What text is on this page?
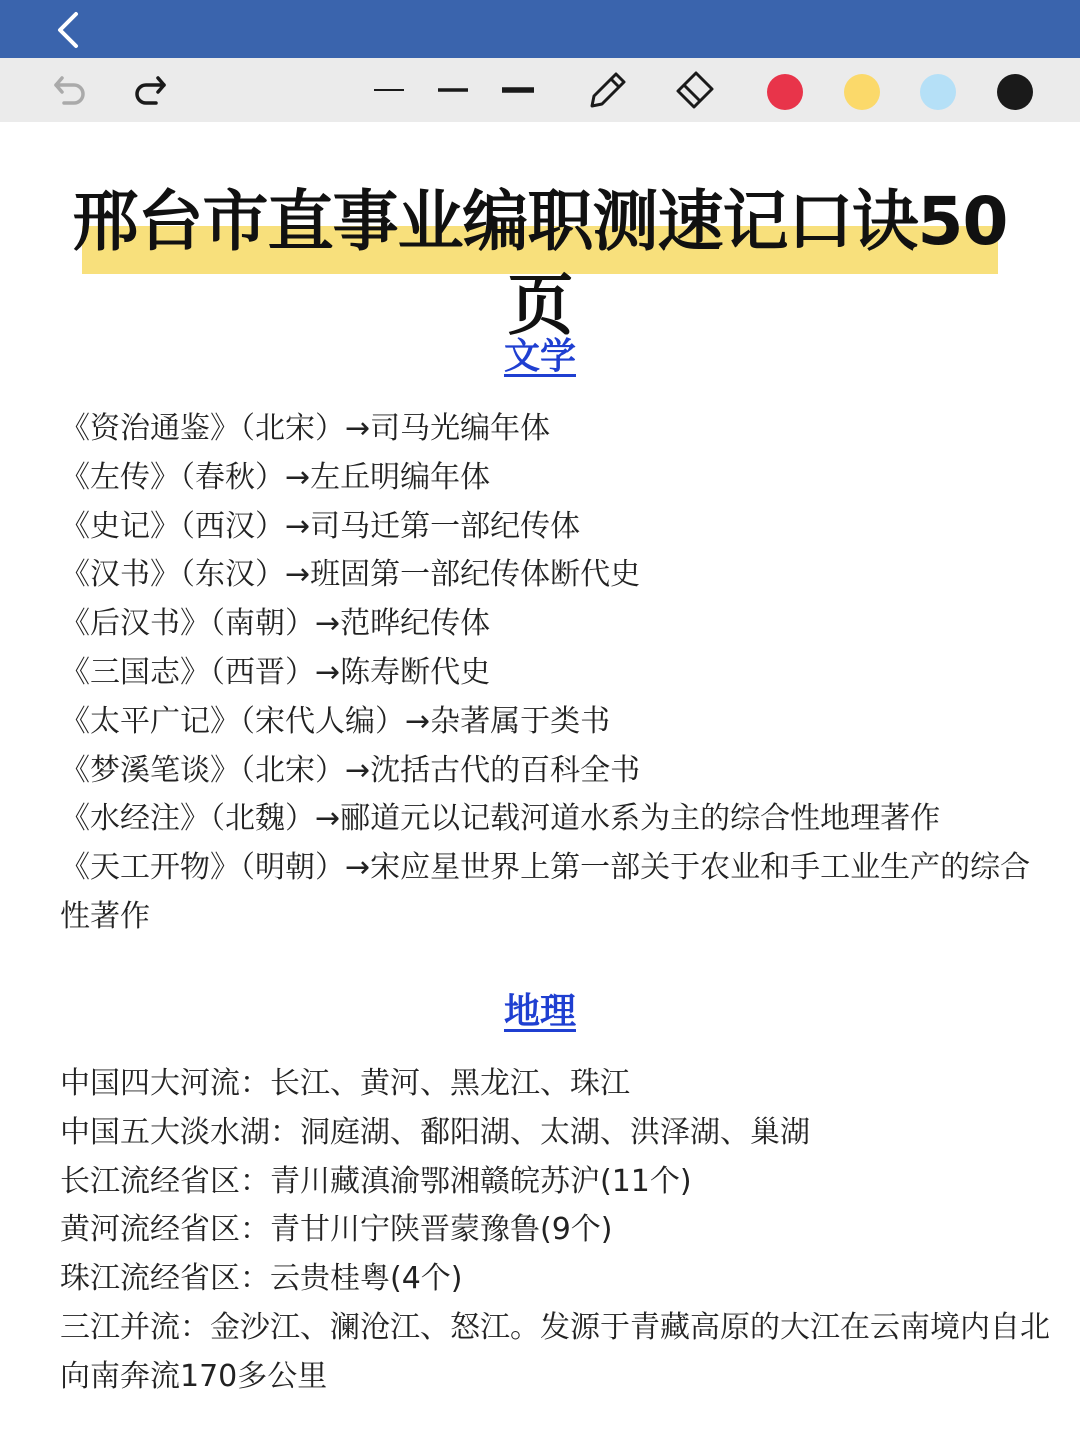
邢台市直事业编职测速记口诀50页
文学
《资治通鉴》（北宋）→司马光编年体
《左传》（春秋）→左丘明编年体
《史记》（西汉）→司马迁第一部纪传体
《汉书》（东汉）→班固第一部纪传体断代史
《后汉书》（南朝）→范晔纪传体
《三国志》（西晋）→陈寿断代史
《太平广记》（宋代人编）→杂著属于类书
《梦溪笔谈》（北宋）→沈括古代的百科全书
《水经注》（北魏）→郦道元以记载河道水系为主的综合性地理著作
《天工开物》（明朝）→宋应星世界上第一部关于农业和手工业生产的综合性著作
地理
中国四大河流：长江、黄河、黑龙江、珠江
中国五大淡水湖：洞庭湖、鄱阳湖、太湖、洪泽湖、巢湖
长江流经省区：青川藏滇渝鄂湘赣皖苏沪(11个)
黄河流经省区：青甘川宁陕晋蒙豫鲁(9个)
珠江流经省区：云贵桂粤(4个)
三江并流：金沙江、澜沧江、怒江。发源于青藏高原的大江在云南境内自北向南奔流170多公里
